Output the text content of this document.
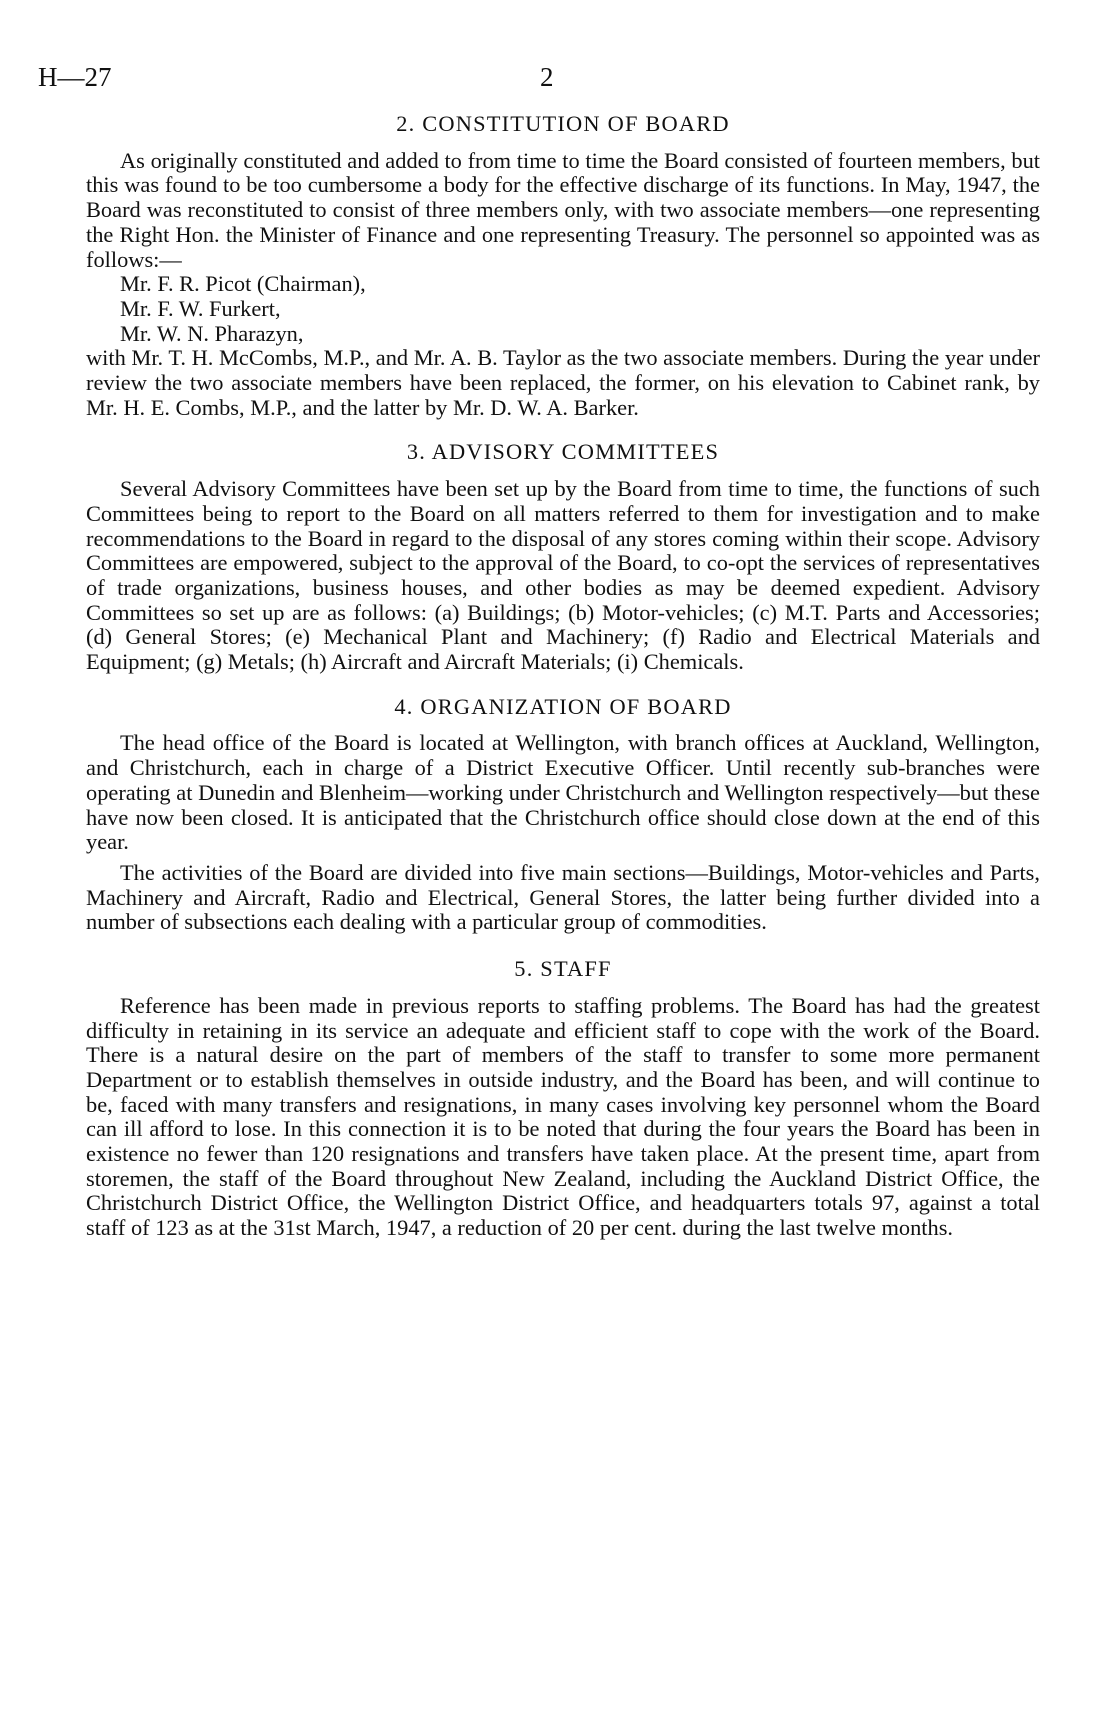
H—27	2
2. CONSTITUTION OF BOARD

As originally constituted and added to from time to time the Board consisted of fourteen members, but this was found to be too cumbersome a body for the effective discharge of its functions. In May, 1947, the Board was reconstituted to consist of three members only, with two associate members—one representing the Right Hon. the Minister of Finance and one representing Treasury. The personnel so appointed was as follows:—

Mr. F. R. Picot (Chairman),
Mr. F. W. Furkert,
Mr. W. N. Pharazyn,

with Mr. T. H. McCombs, M.P., and Mr. A. B. Taylor as the two associate members. During the year under review the two associate members have been replaced, the former, on his elevation to Cabinet rank, by Mr. H. E. Combs, M.P., and the latter by Mr. D. W. A. Barker.

3. ADVISORY COMMITTEES

Several Advisory Committees have been set up by the Board from time to time, the functions of such Committees being to report to the Board on all matters referred to them for investigation and to make recommendations to the Board in regard to the disposal of any stores coming within their scope. Advisory Committees are empowered, subject to the approval of the Board, to co-opt the services of representatives of trade organizations, business houses, and other bodies as may be deemed expedient. Advisory Committees so set up are as follows: (a) Buildings; (b) Motor-vehicles; (c) M.T. Parts and Accessories; (d) General Stores; (e) Mechanical Plant and Machinery; (f) Radio and Electrical Materials and Equipment; (g) Metals; (h) Aircraft and Aircraft Materials; (i) Chemicals.

4. ORGANIZATION OF BOARD

The head office of the Board is located at Wellington, with branch offices at Auckland, Wellington, and Christchurch, each in charge of a District Executive Officer. Until recently sub-branches were operating at Dunedin and Blenheim—working under Christchurch and Wellington respectively—but these have now been closed. It is anticipated that the Christchurch office should close down at the end of this year.

The activities of the Board are divided into five main sections—Buildings, Motor-vehicles and Parts, Machinery and Aircraft, Radio and Electrical, General Stores, the latter being further divided into a number of subsections each dealing with a particular group of commodities.

5. STAFF

Reference has been made in previous reports to staffing problems. The Board has had the greatest difficulty in retaining in its service an adequate and efficient staff to cope with the work of the Board. There is a natural desire on the part of members of the staff to transfer to some more permanent Department or to establish themselves in outside industry, and the Board has been, and will continue to be, faced with many transfers and resignations, in many cases involving key personnel whom the Board can ill afford to lose. In this connection it is to be noted that during the four years the Board has been in existence no fewer than 120 resignations and transfers have taken place. At the present time, apart from storemen, the staff of the Board throughout New Zealand, including the Auckland District Office, the Christchurch District Office, the Wellington District Office, and headquarters totals 97, against a total staff of 123 as at the 31st March, 1947, a reduction of 20 per cent. during the last twelve months.
